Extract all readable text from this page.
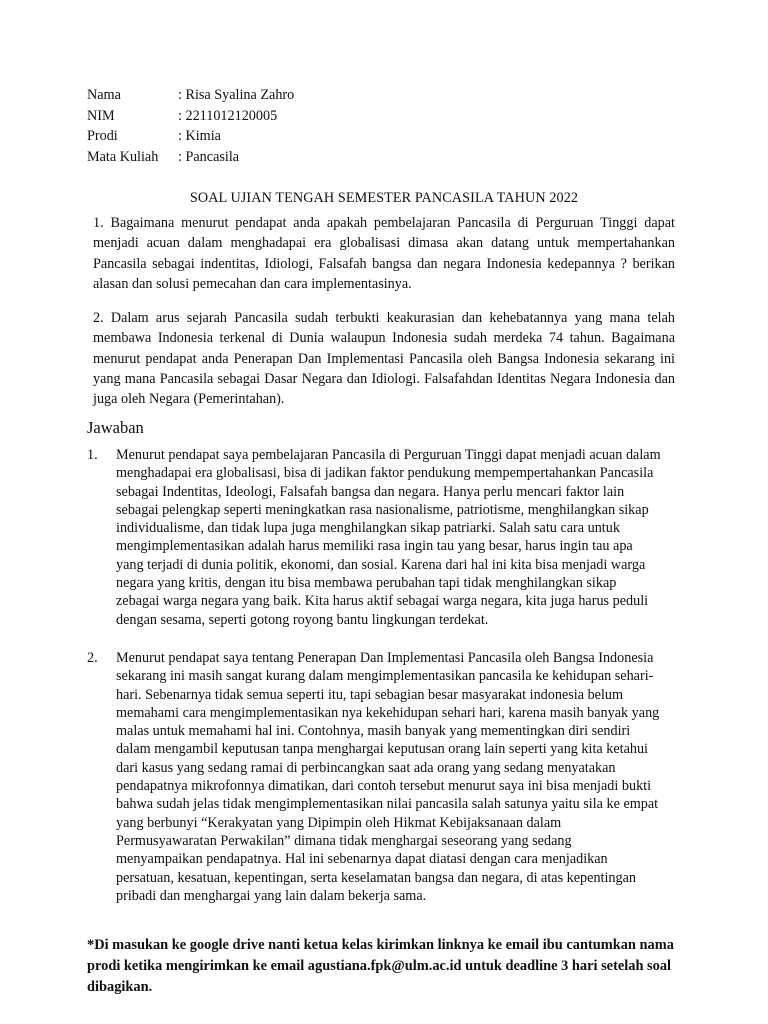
Nama	: Risa Syalina Zahro
NIM	: 2211012120005
Prodi	: Kimia
Mata Kuliah	: Pancasila
SOAL UJIAN TENGAH SEMESTER PANCASILA TAHUN 2022

1. Bagaimana menurut pendapat anda apakah pembelajaran Pancasila di Perguruan Tinggi dapat menjadi acuan dalam menghadapai era globalisasi dimasa akan datang untuk mempertahankan Pancasila sebagai indentitas, Idiologi, Falsafah bangsa dan negara Indonesia kedepannya ? berikan alasan dan solusi pemecahan dan cara implementasinya.

2. Dalam arus sejarah Pancasila sudah terbukti keakurasian dan kehebatannya yang mana telah membawa Indonesia terkenal di Dunia walaupun Indonesia sudah merdeka 74 tahun. Bagaimana menurut pendapat anda Penerapan Dan Implementasi Pancasila oleh Bangsa Indonesia sekarang ini yang mana Pancasila sebagai Dasar Negara dan Idiologi. Falsafahdan Identitas Negara Indonesia dan juga oleh Negara (Pemerintahan).

Jawaban
1.	Menurut pendapat saya pembelajaran Pancasila di Perguruan Tinggi dapat menjadi acuan dalam menghadapai era globalisasi, bisa di jadikan faktor pendukung mempempertahankan Pancasila sebagai Indentitas, Ideologi, Falsafah bangsa dan negara. Hanya perlu mencari faktor lain sebagai pelengkap seperti meningkatkan rasa nasionalisme, patriotisme, menghilangkan sikap individualisme, dan tidak lupa juga menghilangkan sikap patriarki. Salah satu cara untuk mengimplementasikan adalah harus memiliki rasa ingin tau yang besar, harus ingin tau apa yang terjadi di dunia politik, ekonomi, dan sosial. Karena dari hal ini kita bisa menjadi warga negara yang kritis, dengan itu bisa membawa perubahan tapi tidak menghilangkan sikap zebagai warga negara yang baik. Kita harus aktif sebagai warga negara, kita juga harus peduli dengan sesama, seperti gotong royong bantu lingkungan terdekat.
2.	Menurut pendapat saya tentang Penerapan Dan Implementasi Pancasila oleh Bangsa Indonesia sekarang ini masih sangat kurang dalam mengimplementasikan pancasila ke kehidupan sehari-hari. Sebenarnya tidak semua seperti itu, tapi sebagian besar masyarakat indonesia belum memahami cara mengimplementasikan nya kekehidupan sehari hari, karena masih banyak yang malas untuk memahami hal ini. Contohnya, masih banyak yang mementingkan diri sendiri dalam mengambil keputusan tanpa menghargai keputusan orang lain seperti yang kita ketahui dari kasus yang sedang ramai di perbincangkan saat ada orang yang sedang menyatakan pendapatnya mikrofonnya dimatikan, dari contoh tersebut menurut saya ini bisa menjadi bukti bahwa sudah jelas tidak mengimplementasikan nilai pancasila salah satunya yaitu sila ke empat yang berbunyi “Kerakyatan yang Dipimpin oleh Hikmat Kebijaksanaan dalam Permusyawaratan Perwakilan” dimana tidak menghargai seseorang yang sedang menyampaikan pendapatnya. Hal ini sebenarnya dapat diatasi dengan cara menjadikan persatuan, kesatuan, kepentingan, serta keselamatan bangsa dan negara, di atas kepentingan pribadi dan menghargai yang lain dalam bekerja sama.
*Di masukan ke google drive nanti ketua kelas kirimkan linknya ke email ibu cantumkan nama prodi ketika mengirimkan ke email agustiana.fpk@ulm.ac.id untuk deadline 3 hari setelah soal dibagikan.
